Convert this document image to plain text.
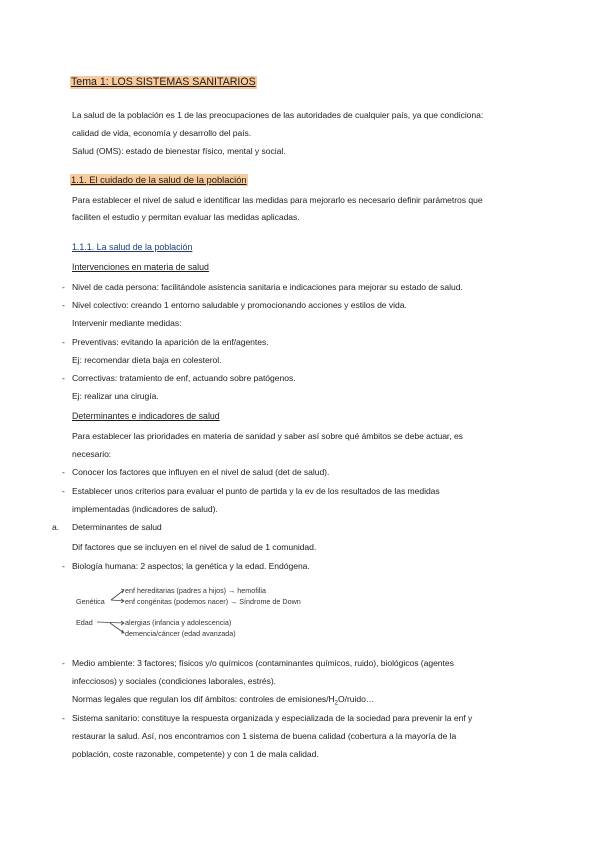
Tema 1: LOS SISTEMAS SANITARIOS
La salud de la población es 1 de las preocupaciones de las autoridades de cualquier país, ya que condiciona:
calidad de vida, economía y desarrollo del país.
Salud (OMS): estado de bienestar físico, mental y social.
1.1. El cuidado de la salud de la población
Para establecer el nivel de salud e identificar las medidas para mejorarlo es necesario definir parámetros que
faciliten el estudio y permitan evaluar las medidas aplicadas.
1.1.1. La salud de la población
Intervenciones en materia de salud
- Nivel de cada persona: facilitándole asistencia sanitaria e indicaciones para mejorar su estado de salud.
- Nivel colectivo: creando 1 entorno saludable y promocionando acciones y estilos de vida.
Intervenir mediante medidas:
- Preventivas: evitando la aparición de la enf/agentes.
Ej: recomendar dieta baja en colesterol.
- Correctivas: tratamiento de enf, actuando sobre patógenos.
Ej: realizar una cirugía.
Determinantes e indicadores de salud
Para establecer las prioridades en materia de sanidad y saber así sobre qué ámbitos se debe actuar, es
necesario:
- Conocer los factores que influyen en el nivel de salud (det de salud).
- Establecer unos criterios para evaluar el punto de partida y la ev de los resultados de las medidas
implementadas (indicadores de salud).
a. Determinantes de salud
Dif factores que se incluyen en el nivel de salud de 1 comunidad.
- Biología humana: 2 aspectos; la genética y la edad. Endógena.
Genética
enf hereditarias (padres a hijos) → hemofilia
enf congénitas (podemos nacer) → Síndrome de Down
Edad	alergias (infancia y adolescencia)
demencia/cáncer (edad avanzada)
- Medio ambiente: 3 factores; físicos y/o químicos (contaminantes químicos, ruido), biológicos (agentes
infecciosos) y sociales (condiciones laborales, estrés).
Normas legales que regulan los dif ámbitos: controles de emisiones/$H_2O/ruido\dots$
- Sistema sanitario: constituye la respuesta organizada y especializada de la sociedad para prevenir la enf y
restaurar la salud. Así, nos encontramos con 1 sistema de buena calidad (cobertura a la mayoría de la
población, coste razonable, competente) y con 1 de mala calidad.
